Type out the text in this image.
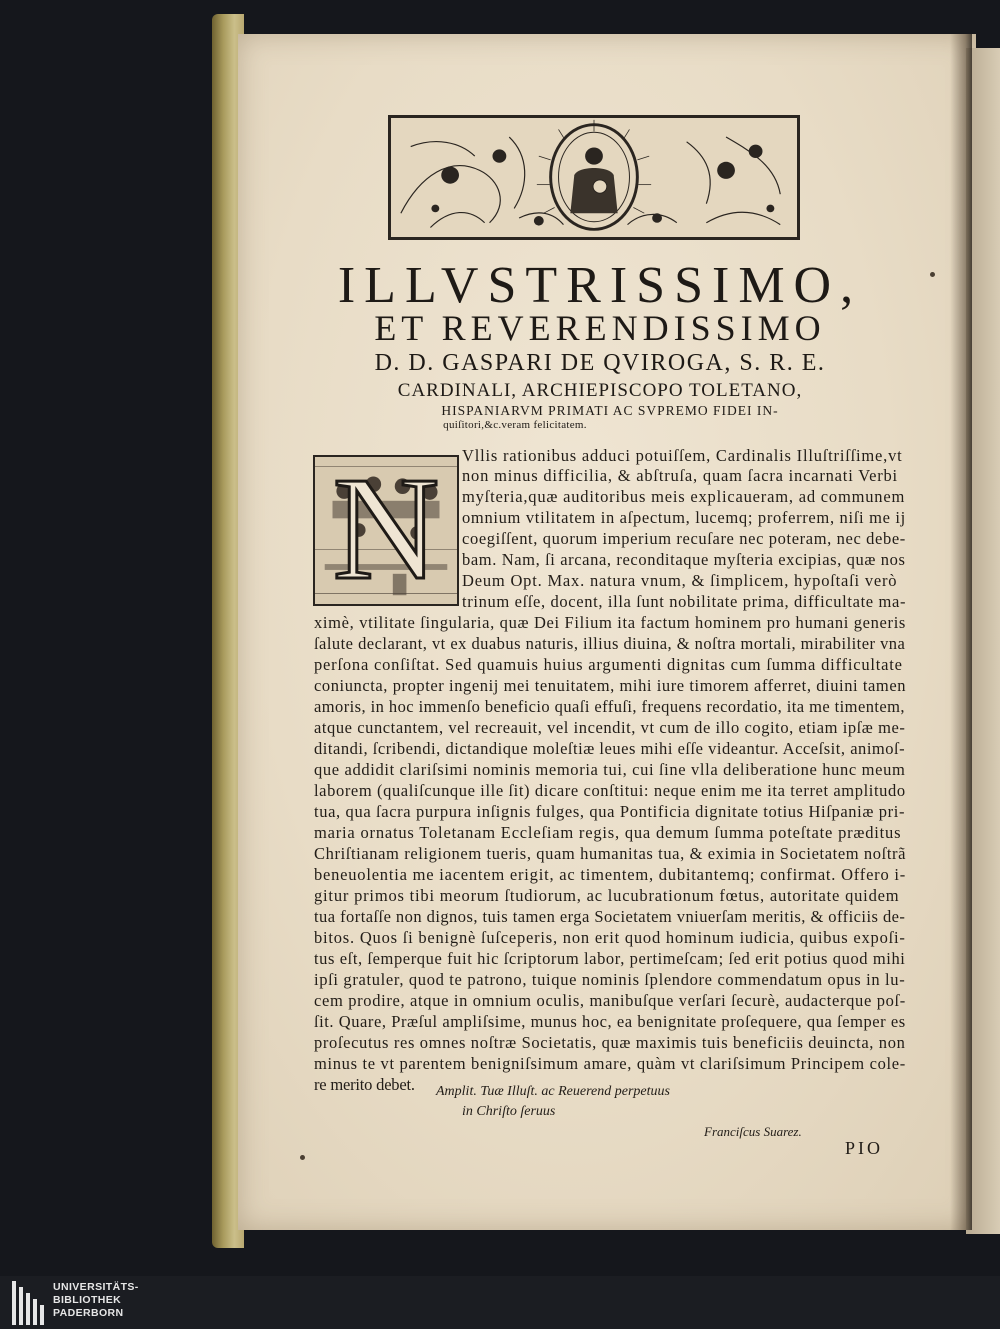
ILLVSTRISSIMO,
ET REVERENDISSIMO

D. D. GASPARI DE QVIROGA, S. R. E.

CARDINALI, ARCHIEPISCOPO TOLETANO,

HISPANIARVM PRIMATI AC SVPREMO FIDEI IN-

quiſitori,&c.veram felicitatem.

N	Vllis rationibus adduci potuiſſem, Cardinalis Illuſtriſſime,vt

non minus difficilia, & abſtruſa, quam ſacra incarnati Verbi

myſteria,quæ auditoribus meis explicaueram, ad communem

omnium vtilitatem in aſpectum, lucemq; proferrem, niſi me ij

coegiſſent, quorum imperium recuſare nec poteram, nec debe-

bam. Nam, ſi arcana, reconditaque myſteria excipias, quæ nos

Deum Opt. Max. natura vnum, & ſimplicem, hypoſtaſi verò

trinum eſſe, docent, illa ſunt nobilitate prima, difficultate ma-

ximè, vtilitate ſingularia, quæ Dei Filium ita factum hominem pro humani generis

ſalute declarant, vt ex duabus naturis, illius diuina, & noſtra mortali, mirabiliter vna

perſona conſiſtat. Sed quamuis huius argumenti dignitas cum ſumma difficultate

coniuncta, propter ingenij mei tenuitatem, mihi iure timorem afferret, diuini tamen

amoris, in hoc immenſo beneficio quaſi effuſi, frequens recordatio, ita me timentem,

atque cunctantem, vel recreauit, vel incendit, vt cum de illo cogito, etiam ipſæ me-

ditandi, ſcribendi, dictandique moleſtiæ leues mihi eſſe videantur. Acceſsit, animoſ-

que addidit clariſsimi nominis memoria tui, cui ſine vlla deliberatione hunc meum

laborem (qualiſcunque ille ſit) dicare conſtitui: neque enim me ita terret amplitudo

tua, qua ſacra purpura inſignis fulges, qua Pontificia dignitate totius Hiſpaniæ pri-

maria ornatus Toletanam Eccleſiam regis, qua demum ſumma poteſtate præditus

Chriſtianam religionem tueris, quam humanitas tua, & eximia in Societatem noſtrã

beneuolentia me iacentem erigit, ac timentem, dubitantemq; confirmat. Offero i-

gitur primos tibi meorum ſtudiorum, ac lucubrationum fœtus, autoritate quidem

tua fortaſſe non dignos, tuis tamen erga Societatem vniuerſam meritis, & officiis de-

bitos. Quos ſi benignè ſuſceperis, non erit quod hominum iudicia, quibus expoſi-

tus eſt, ſemperque fuit hic ſcriptorum labor, pertimeſcam; ſed erit potius quod mihi

ipſi gratuler, quod te patrono, tuique nominis ſplendore commendatum opus in lu-

cem prodire, atque in omnium oculis, manibuſque verſari ſecurè, audacterque poſ-

ſit. Quare, Præſul ampliſsime, munus hoc, ea benignitate proſequere, qua ſemper es

proſecutus res omnes noſtræ Societatis, quæ maximis tuis beneficiis deuincta, non

minus te vt parentem benigniſsimum amare, quàm vt clariſsimum Principem cole-

re merito debet. Amplit. Tuæ Illuſt. ac Reuerend perpetuus

in Chriſto ſeruus

Franciſcus Suarez.

PIO

UNIVERSITÄTS-

BIBLIOTHEK

PADERBORN
